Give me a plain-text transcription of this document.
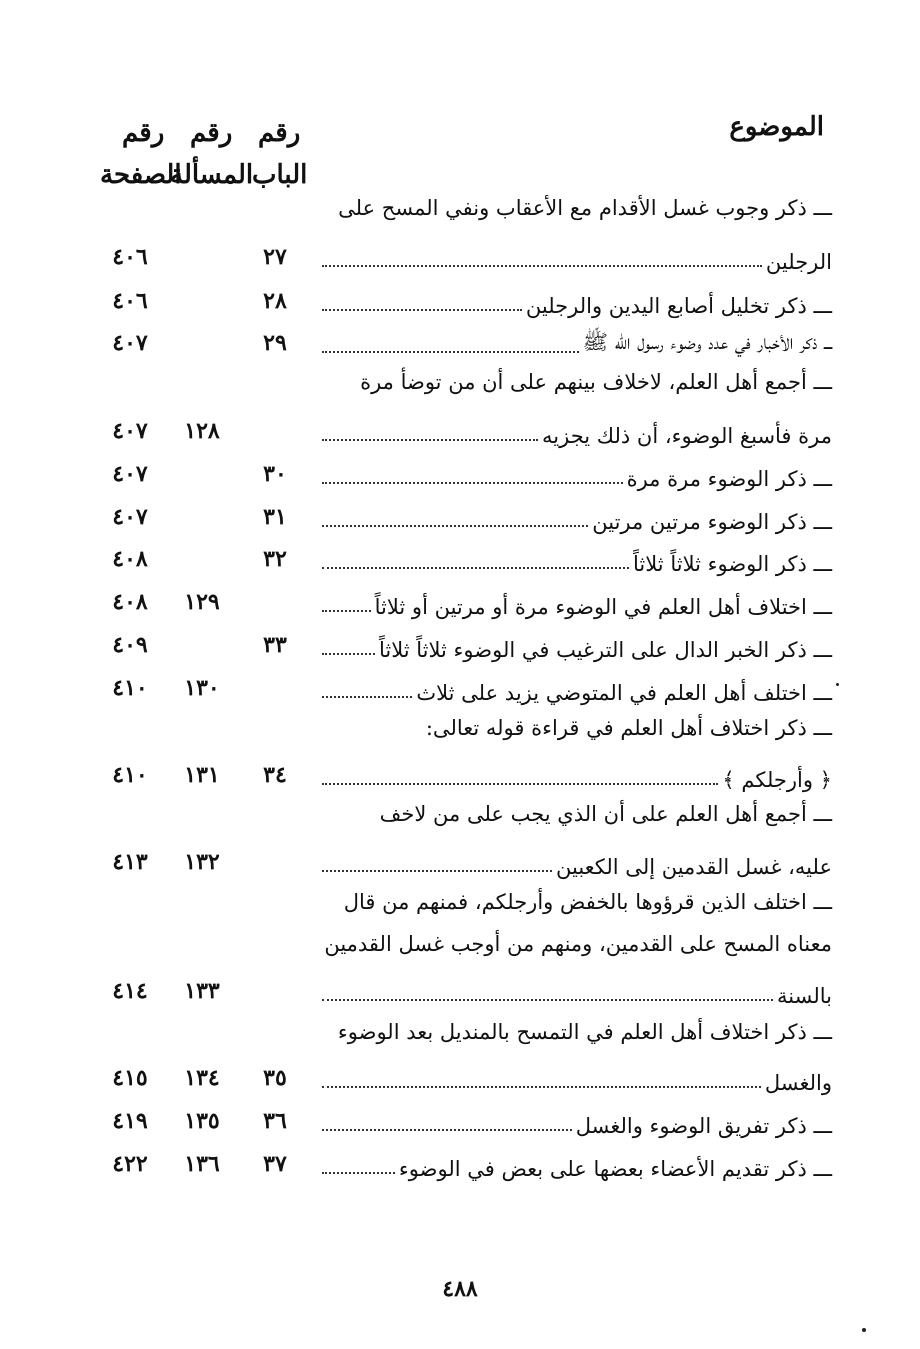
الموضوع
رقم
الباب
رقم
المسألة
رقم
الصفحة
ـــ ذكر وجوب غسل الأقدام مع الأعقاب ونفي المسح على
الرجلين
٢٧
٤٠٦
ـــ ذكر تخليل أصابع اليدين والرجلين
٢٨
٤٠٦
ـــ ذكر الأخبار في عدد وضوء رسول الله ﷺ
٢٩
٤٠٧
ـــ أجمع أهل العلم، لاخلاف بينهم على أن من توضأ مرة
مرة فأسبغ الوضوء، أن ذلك يجزيه
١٢٨
٤٠٧
ـــ ذكر الوضوء مرة مرة
٣٠
٤٠٧
ـــ ذكر الوضوء مرتين مرتين
٣١
٤٠٧
ـــ ذكر الوضوء ثلاثاً ثلاثاً
٣٢
٤٠٨
ـــ اختلاف أهل العلم في الوضوء مرة أو مرتين أو ثلاثاً
١٢٩
٤٠٨
ـــ ذكر الخبر الدال على الترغيب في الوضوء ثلاثاً ثلاثاً
٣٣
٤٠٩
ـــ اختلف أهل العلم في المتوضي يزيد على ثلاث
١٣٠
٤١٠
ـــ ذكر اختلاف أهل العلم في قراءة قوله تعالى:
﴿ وأرجلكم ﴾
٣٤
١٣١
٤١٠
ـــ أجمع أهل العلم على أن الذي يجب على من لاخف
عليه، غسل القدمين إلى الكعبين
١٣٢
٤١٣
ـــ اختلف الذين قرؤوها بالخفض وأرجلكم، فمنهم من قال
معناه المسح على القدمين، ومنهم من أوجب غسل القدمين
بالسنة
١٣٣
٤١٤
ـــ ذكر اختلاف أهل العلم في التمسح بالمنديل بعد الوضوء
والغسل
٣٥
١٣٤
٤١٥
ـــ ذكر تفريق الوضوء والغسل
٣٦
١٣٥
٤١٩
ـــ ذكر تقديم الأعضاء بعضها على بعض في الوضوء
٣٧
١٣٦
٤٢٢
٤٨٨
